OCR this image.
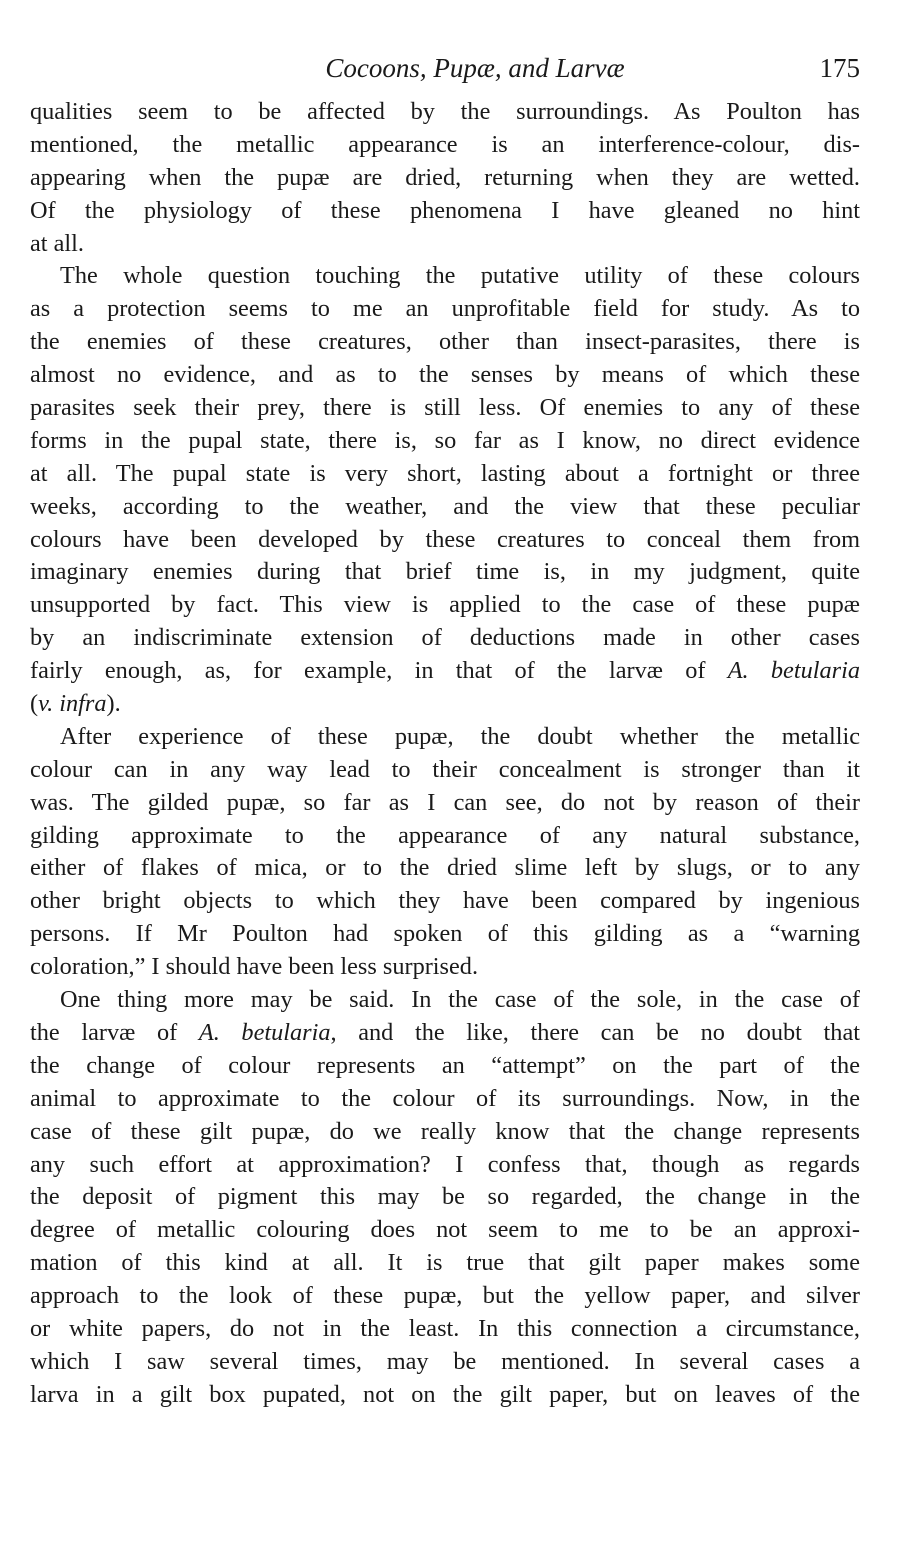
Cocoons, Pupæ, and Larvæ	175
qualities seem to be affected by the surroundings. As Poulton has
mentioned, the metallic appearance is an interference-colour, dis-
appearing when the pupæ are dried, returning when they are wetted.
Of the physiology of these phenomena I have gleaned no hint
at all.
The whole question touching the putative utility of these colours
as a protection seems to me an unprofitable field for study. As to
the enemies of these creatures, other than insect-parasites, there is
almost no evidence, and as to the senses by means of which these
parasites seek their prey, there is still less. Of enemies to any of these
forms in the pupal state, there is, so far as I know, no direct evidence
at all. The pupal state is very short, lasting about a fortnight or three
weeks, according to the weather, and the view that these peculiar
colours have been developed by these creatures to conceal them from
imaginary enemies during that brief time is, in my judgment, quite
unsupported by fact. This view is applied to the case of these pupæ
by an indiscriminate extension of deductions made in other cases
fairly enough, as, for example, in that of the larvæ of A. betularia
(v. infra).
After experience of these pupæ, the doubt whether the metallic
colour can in any way lead to their concealment is stronger than it
was. The gilded pupæ, so far as I can see, do not by reason of their
gilding approximate to the appearance of any natural substance,
either of flakes of mica, or to the dried slime left by slugs, or to any
other bright objects to which they have been compared by ingenious
persons. If Mr Poulton had spoken of this gilding as a “warning
coloration,” I should have been less surprised.
One thing more may be said. In the case of the sole, in the case of
the larvæ of A. betularia, and the like, there can be no doubt that
the change of colour represents an “attempt” on the part of the
animal to approximate to the colour of its surroundings. Now, in the
case of these gilt pupæ, do we really know that the change represents
any such effort at approximation? I confess that, though as regards
the deposit of pigment this may be so regarded, the change in the
degree of metallic colouring does not seem to me to be an approxi-
mation of this kind at all. It is true that gilt paper makes some
approach to the look of these pupæ, but the yellow paper, and silver
or white papers, do not in the least. In this connection a circumstance,
which I saw several times, may be mentioned. In several cases a
larva in a gilt box pupated, not on the gilt paper, but on leaves of the
